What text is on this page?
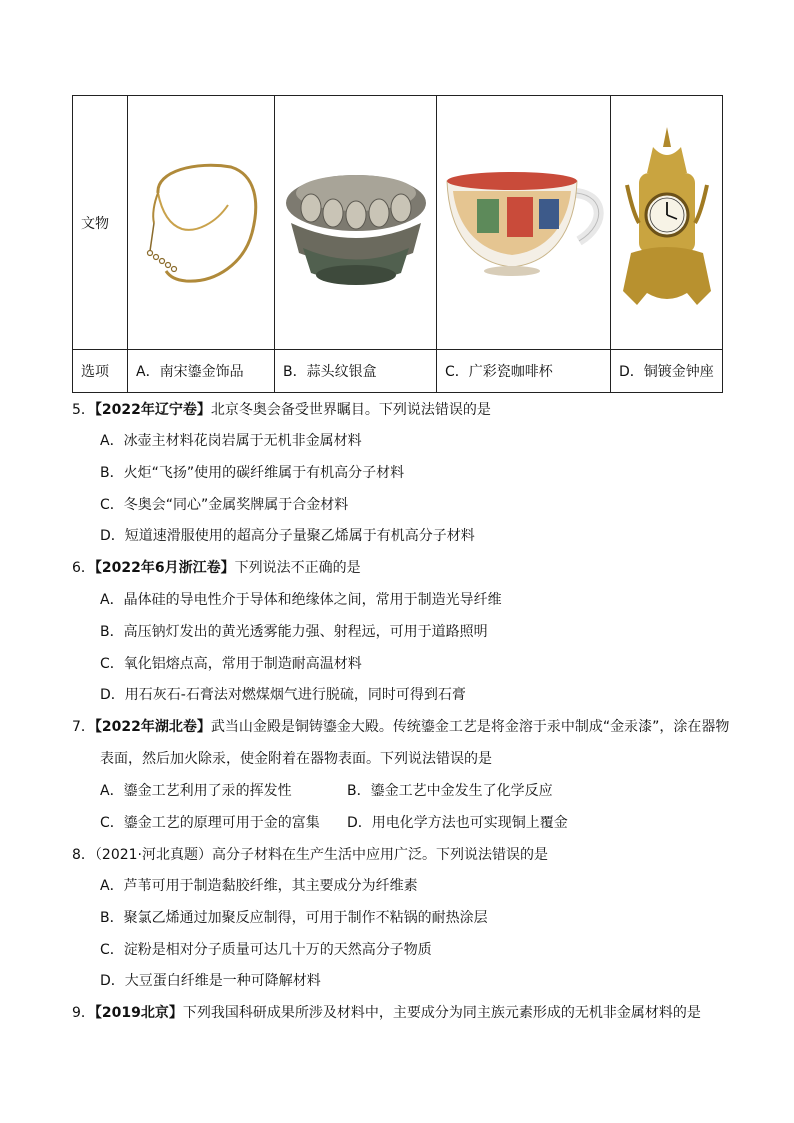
文物	

选项	A．南宋鎏金饰品	B．蒜头纹银盒	C．广彩瓷咖啡杯	D．铜镀金钟座
5．【2022年辽宁卷】北京冬奥会备受世界瞩目。下列说法错误的是
A．冰壶主材料花岗岩属于无机非金属材料
B．火炬“飞扬”使用的碳纤维属于有机高分子材料
C．冬奥会“同心”金属奖牌属于合金材料
D．短道速滑服使用的超高分子量聚乙烯属于有机高分子材料
6．【2022年6月浙江卷】下列说法不正确的是
A．晶体硅的导电性介于导体和绝缘体之间，常用于制造光导纤维
B．高压钠灯发出的黄光透雾能力强、射程远，可用于道路照明
C．氧化铝熔点高，常用于制造耐高温材料
D．用石灰石-石膏法对燃煤烟气进行脱硫，同时可得到石膏
7．【2022年湖北卷】武当山金殿是铜铸鎏金大殿。传统鎏金工艺是将金溶于汞中制成“金汞漆”，涂在器物
表面，然后加火除汞，使金附着在器物表面。下列说法错误的是
A．鎏金工艺利用了汞的挥发性	B．鎏金工艺中金发生了化学反应
C．鎏金工艺的原理可用于金的富集 D．用电化学方法也可实现铜上覆金
8．（2021·河北真题）高分子材料在生产生活中应用广泛。下列说法错误的是
A．芦苇可用于制造黏胶纤维，其主要成分为纤维素
B．聚氯乙烯通过加聚反应制得，可用于制作不粘锅的耐热涂层
C．淀粉是相对分子质量可达几十万的天然高分子物质
D．大豆蛋白纤维是一种可降解材料
9．【2019北京】下列我国科研成果所涉及材料中，主要成分为同主族元素形成的无机非金属材料的是
